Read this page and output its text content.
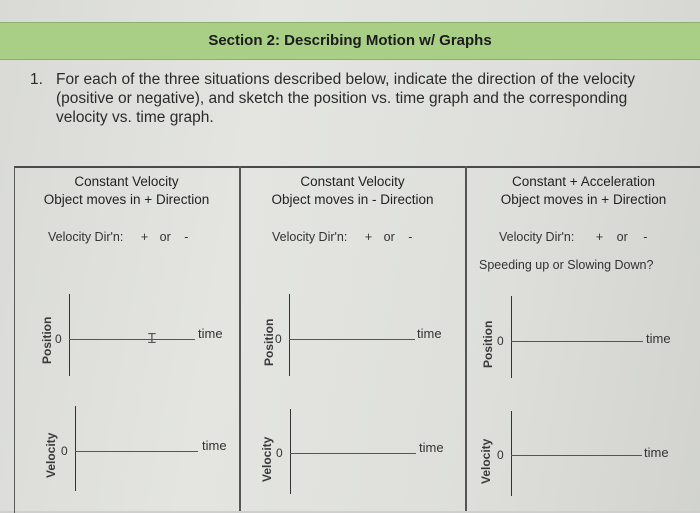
Section 2: Describing Motion w/ Graphs
1. For each of the three situations described below, indicate the direction of the velocity (positive or negative), and sketch the position vs. time graph and the corresponding velocity vs. time graph.
Constant Velocity
Object moves in + Direction
Velocity Dir'n: + or -
Position 0	Ɪ	time
Velocity 0	time
Constant Velocity
Object moves in - Direction
Velocity Dir'n: + or -
Position 0	time
Velocity 0	time
Constant + Acceleration
Object moves in + Direction
Velocity Dir'n: + or -
Speeding up or Slowing Down?
Position 0	time
Velocity 0	time
